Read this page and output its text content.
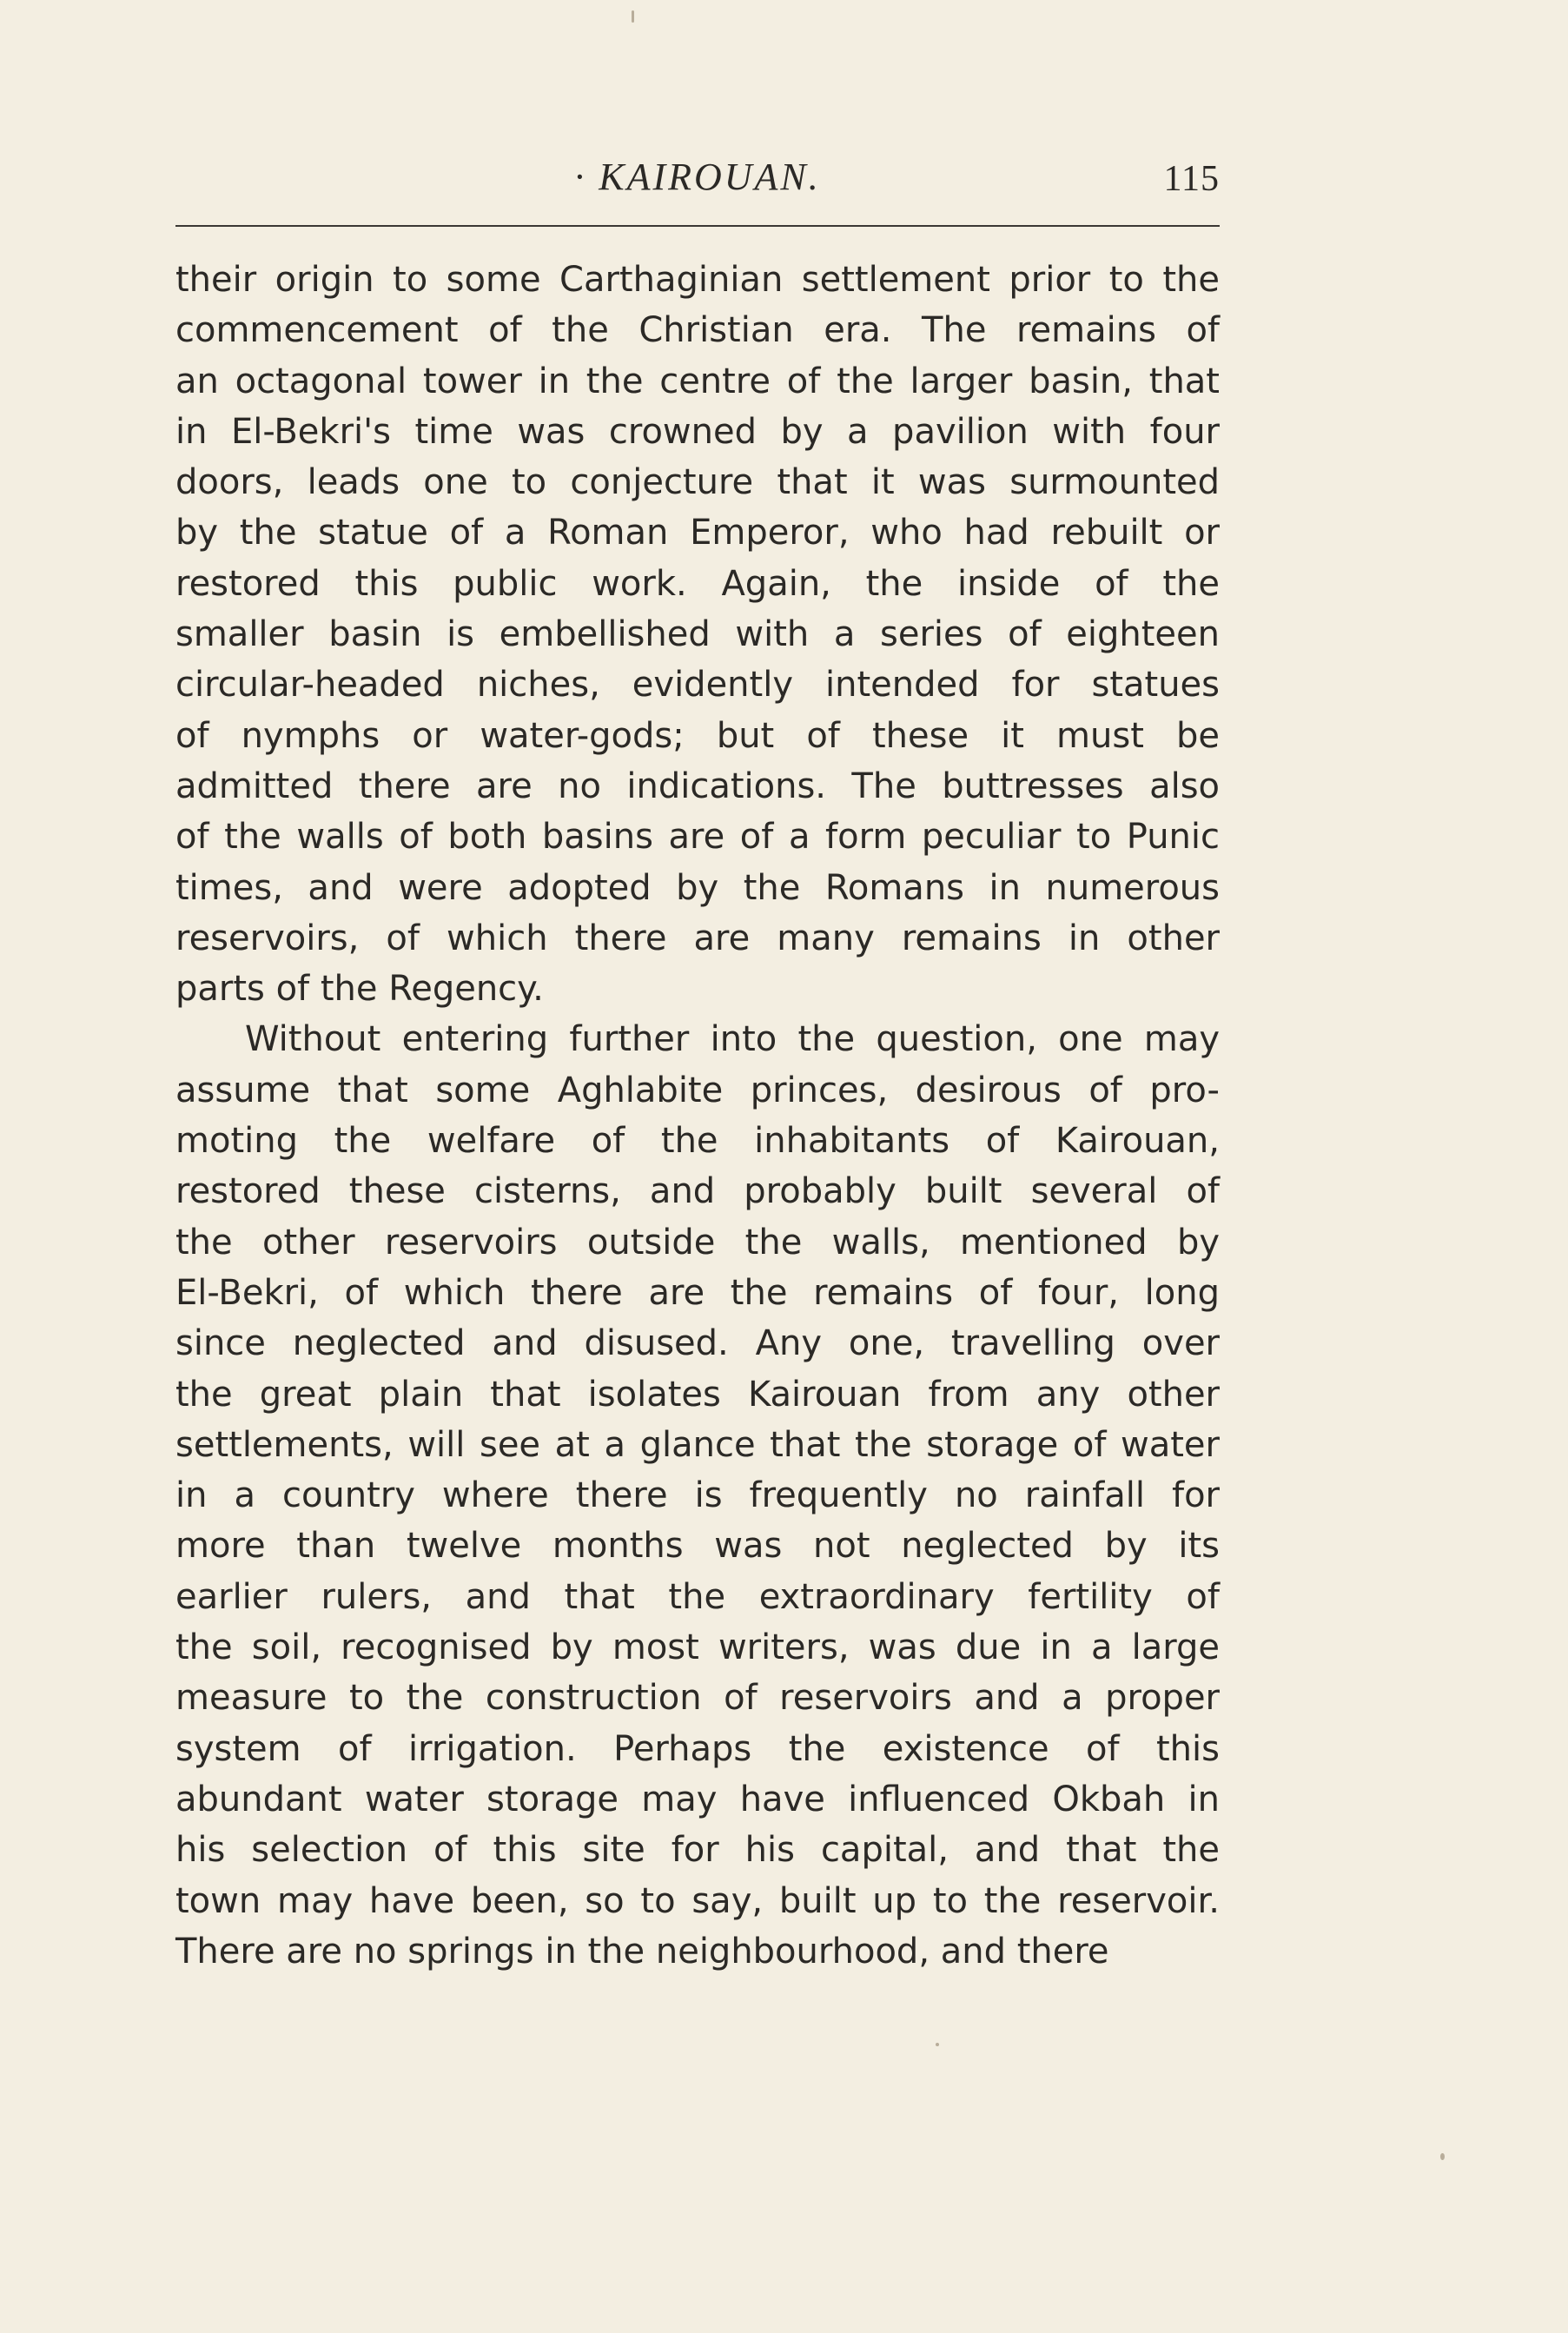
· KAIROUAN.	115
their origin to some Carthaginian settlement prior to the
commencement of the Christian era. The remains of
an octagonal tower in the centre of the larger basin, that
in El-Bekri's time was crowned by a pavilion with four
doors, leads one to conjecture that it was surmounted
by the statue of a Roman Emperor, who had rebuilt or
restored this public work. Again, the inside of the
smaller basin is embellished with a series of eighteen
circular-headed niches, evidently intended for statues
of nymphs or water-gods; but of these it must be
admitted there are no indications. The buttresses also
of the walls of both basins are of a form peculiar to Punic
times, and were adopted by the Romans in numerous
reservoirs, of which there are many remains in other
parts of the Regency.
Without entering further into the question, one may
assume that some Aghlabite princes, desirous of pro-
moting the welfare of the inhabitants of Kairouan,
restored these cisterns, and probably built several of
the other reservoirs outside the walls, mentioned by
El-Bekri, of which there are the remains of four, long
since neglected and disused. Any one, travelling over
the great plain that isolates Kairouan from any other
settlements, will see at a glance that the storage of water
in a country where there is frequently no rainfall for
more than twelve months was not neglected by its
earlier rulers, and that the extraordinary fertility of
the soil, recognised by most writers, was due in a large
measure to the construction of reservoirs and a proper
system of irrigation. Perhaps the existence of this
abundant water storage may have influenced Okbah in
his selection of this site for his capital, and that the
town may have been, so to say, built up to the reservoir.
There are no springs in the neighbourhood, and there
